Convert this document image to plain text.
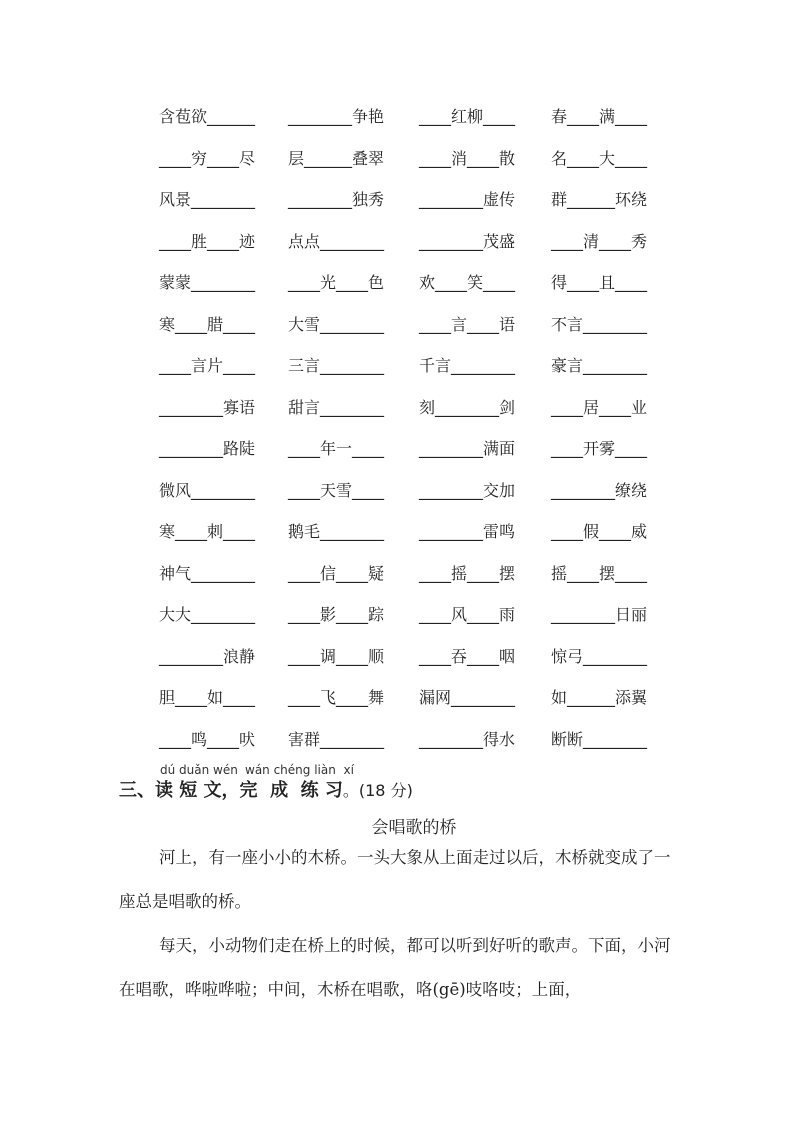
含苞欲______ ________争艳 ____红柳____ 春____满____
____穷____尽 层______叠翠 ____消____散 名____大____
风景________ ________独秀 ________虚传 群______环绕
____胜____迹 点点________ ________茂盛 ____清____秀
蒙蒙________ ____光____色 欢____笑____ 得____且____
寒____腊____ 大雪________ ____言____语 不言________
____言片____ 三言________ 千言________ 豪言________
________寡语 甜言________ 刻________剑 ____居____业
________路陡 ____年一____ ________满面 ____开雾____
微风________ ____天雪____ ________交加 ________缭绕
寒____刺____ 鹅毛________ ________雷鸣 ____假____威
神气________ ____信____疑 ____摇____摆 摇____摆____
大大________ ____影____踪 ____风____雨 ________日丽
________浪静 ____调____顺 ____吞____咽 惊弓________
胆____如____ ____飞____舞 漏网________ 如______添翼
____鸣____吠 害群________ ________得水 断断________
dú duǎn wén wán chéng liàn  xí
三、读 短 文，完  成  练 习。(18 分)
会唱歌的桥

河上，有一座小小的木桥。一头大象从上面走过以后，木桥就变成了一座总是唱歌的桥。

每天，小动物们走在桥上的时候，都可以听到好听的歌声。下面，小河在唱歌，哗啦哗啦；中间，木桥在唱歌，咯(gē)吱咯吱；上面，
